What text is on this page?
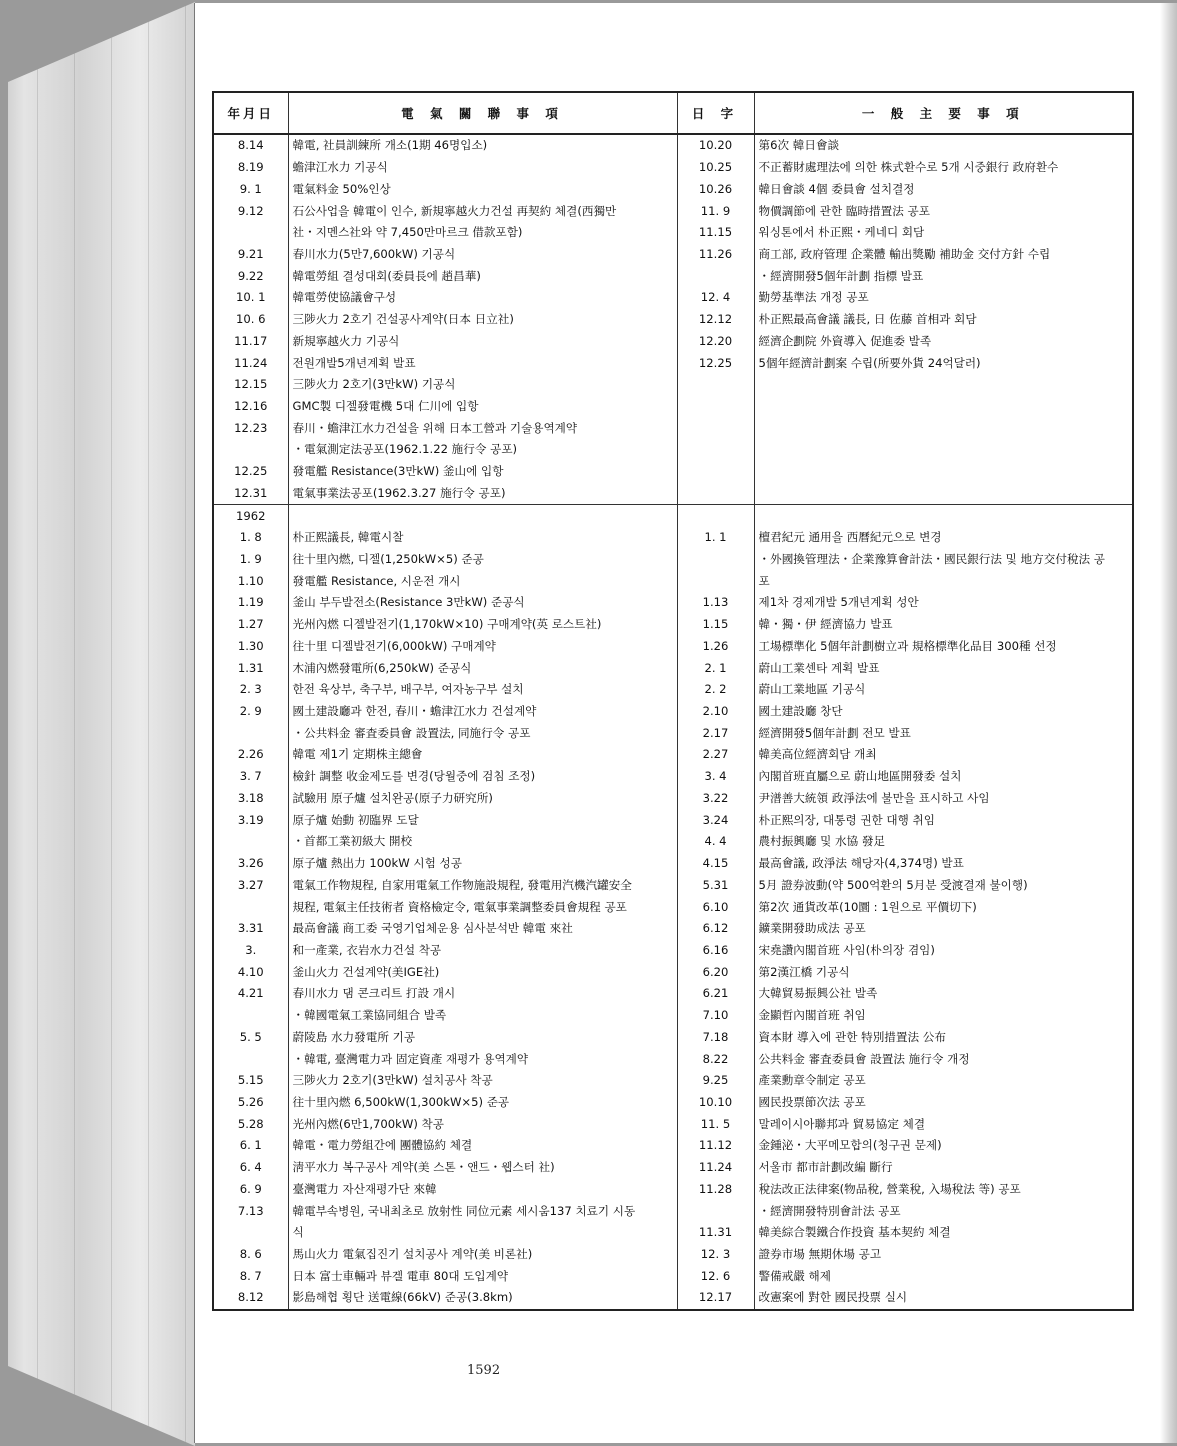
年月日	電 氣 關 聯 事 項	日 字	一 般 主 要 事 項
8.14	韓電, 社員訓練所 개소(1期 46명입소)	10.20	第6次 韓日會談
8.19	蟾津江水力 기공식	10.25	不正蓄財處理法에 의한 株式환수로 5개 시중銀行 政府환수
9. 1	電氣料金 50%인상	10.26	韓日會談 4個 委員會 설치결정
9.12	石公사업을 韓電이 인수, 新規寧越火力건설 再契約 체결(西獨만	11. 9	物價調節에 관한 臨時措置法 공포
	社・지멘스社와 약 7,450만마르크 借款포함)	11.15	워싱톤에서 朴正熙・케네디 회담
9.21	春川水力(5만7,600kW) 기공식	11.26	商工部, 政府管理 企業體 輸出獎勵 補助金 交付方針 수립
9.22	韓電勞組 결성대회(委員長에 趙昌華)		・經濟開發5個年計劃 指標 발표
10. 1	韓電勞使協議會구성	12. 4	勤勞基準法 개정 공포
10. 6	三陟火力 2호기 건설공사계약(日本 日立社)	12.12	朴正熙最高會議 議長, 日 佐藤 首相과 회담
11.17	新規寧越火力 기공식	12.20	經濟企劃院 外資導入 促進委 발족
11.24	전원개발5개년계획 발표	12.25	5個年經濟計劃案 수립(所要外貨 24억달러)
12.15	三陟火力 2호기(3만kW) 기공식		
12.16	GMC製 디젤發電機 5대 仁川에 입항		
12.23	春川・蟾津江水力건설을 위해 日本工營과 기술용역계약		
	・電氣測定法공포(1962.1.22 施行令 공포)		
12.25	發電艦 Resistance(3만kW) 釜山에 입항		
12.31	電氣事業法공포(1962.3.27 施行令 공포)		
1962			
1. 8	朴正熙議長, 韓電시찰	1. 1	檀君紀元 通用을 西曆紀元으로 변경
1. 9	往十里內燃, 디젤(1,250kW×5) 준공		・外國換管理法・企業豫算會計法・國民銀行法 및 地方交付稅法 공
1.10	發電艦 Resistance, 시운전 개시		포
1.19	釜山 부두발전소(Resistance 3만kW) 준공식	1.13	제1차 경제개발 5개년계획 성안
1.27	光州內燃 디젤발전기(1,170kW×10) 구매계약(英 로스트社)	1.15	韓・獨・伊 經濟協力 발표
1.30	往十里 디젤발전기(6,000kW) 구매계약	1.26	工場標準化 5個年計劃樹立과 規格標準化品目 300種 선정
1.31	木浦內燃發電所(6,250kW) 준공식	2. 1	蔚山工業센타 계획 발표
2. 3	한전 육상부, 축구부, 배구부, 여자농구부 설치	2. 2	蔚山工業地區 기공식
2. 9	國土建設廳과 한전, 春川・蟾津江水力 건설계약	2.10	國土建設廳 창단
	・公共料金 審査委員會 設置法, 同施行令 공포	2.17	經濟開發5個年計劃 전모 발표
2.26	韓電 제1기 定期株主總會	2.27	韓美高位經濟회담 개최
3. 7	檢針 調整 收金제도를 변경(당월중에 검침 조정)	3. 4	內閣首班直屬으로 蔚山地區開發委 설치
3.18	試驗用 原子爐 설치완공(原子力研究所)	3.22	尹潽善大統領 政淨法에 불만을 표시하고 사임
3.19	原子爐 始動 初臨界 도달	3.24	朴正熙의장, 대통령 권한 대행 취임
	・首都工業初級大 開校	4. 4	農村振興廳 및 水協 發足
3.26	原子爐 熱出力 100kW 시험 성공	4.15	最高會議, 政淨法 해당자(4,374명) 발표
3.27	電氣工作物規程, 自家用電氣工作物施設規程, 發電用汽機汽罐安全	5.31	5月 證券波動(약 500억환의 5月분 受渡결재 불이행)
	規程, 電氣主任技術者 資格檢定令, 電氣事業調整委員會規程 공포	6.10	第2次 通貨改革(10圜 : 1원으로 平價切下)
3.31	最高會議 商工委 국영기업체운용 심사분석반 韓電 來社	6.12	鑛業開發助成法 공포
3.	和一產業, 衣岩水力건설 착공	6.16	宋堯讚內閣首班 사임(朴의장 겸임)
4.10	釜山火力 건설계약(美IGE社)	6.20	第2漢江橋 기공식
4.21	春川水力 댐 콘크리트 打設 개시	6.21	大韓貿易振興公社 발족
	・韓國電氣工業協同組合 발족	7.10	金顯哲內閣首班 취임
5. 5	蔚陵島 水力發電所 기공	7.18	資本財 導入에 관한 特別措置法 公布
	・韓電, 臺灣電力과 固定資產 재평가 용역계약	8.22	公共料金 審査委員會 設置法 施行令 개정
5.15	三陟火力 2호기(3만kW) 설치공사 착공	9.25	產業勳章令制定 공포
5.26	往十里內燃 6,500kW(1,300kW×5) 준공	10.10	國民投票節次法 공포
5.28	光州內燃(6만1,700kW) 착공	11. 5	말레이시아聯邦과 貿易協定 체결
6. 1	韓電・電力勞組간에 團體協約 체결	11.12	金鍾泌・大平메모합의(청구권 문제)
6. 4	淸平水力 복구공사 계약(美 스톤・앤드・웹스터 社)	11.24	서울市 都市計劃改編 斷行
6. 9	臺灣電力 자산재평가단 來韓	11.28	稅法改正法律案(物品稅, 營業稅, 入場稅法 等) 공포
7.13	韓電부속병원, 국내최초로 放射性 同位元素 세시움137 치료기 시동		・經濟開發特別會計法 공포
	식	11.31	韓美綜合製鐵合作投資 基本契約 체결
8. 6	馬山火力 電氣집진기 설치공사 계약(美 비론社)	12. 3	證券市場 無期休場 공고
8. 7	日本 富士車輛과 뷰겔 電車 80대 도입계약	12. 6	警備戒嚴 해제
8.12	影島해협 횡단 送電線(66kV) 준공(3.8km)	12.17	改憲案에 對한 國民投票 실시
1592
